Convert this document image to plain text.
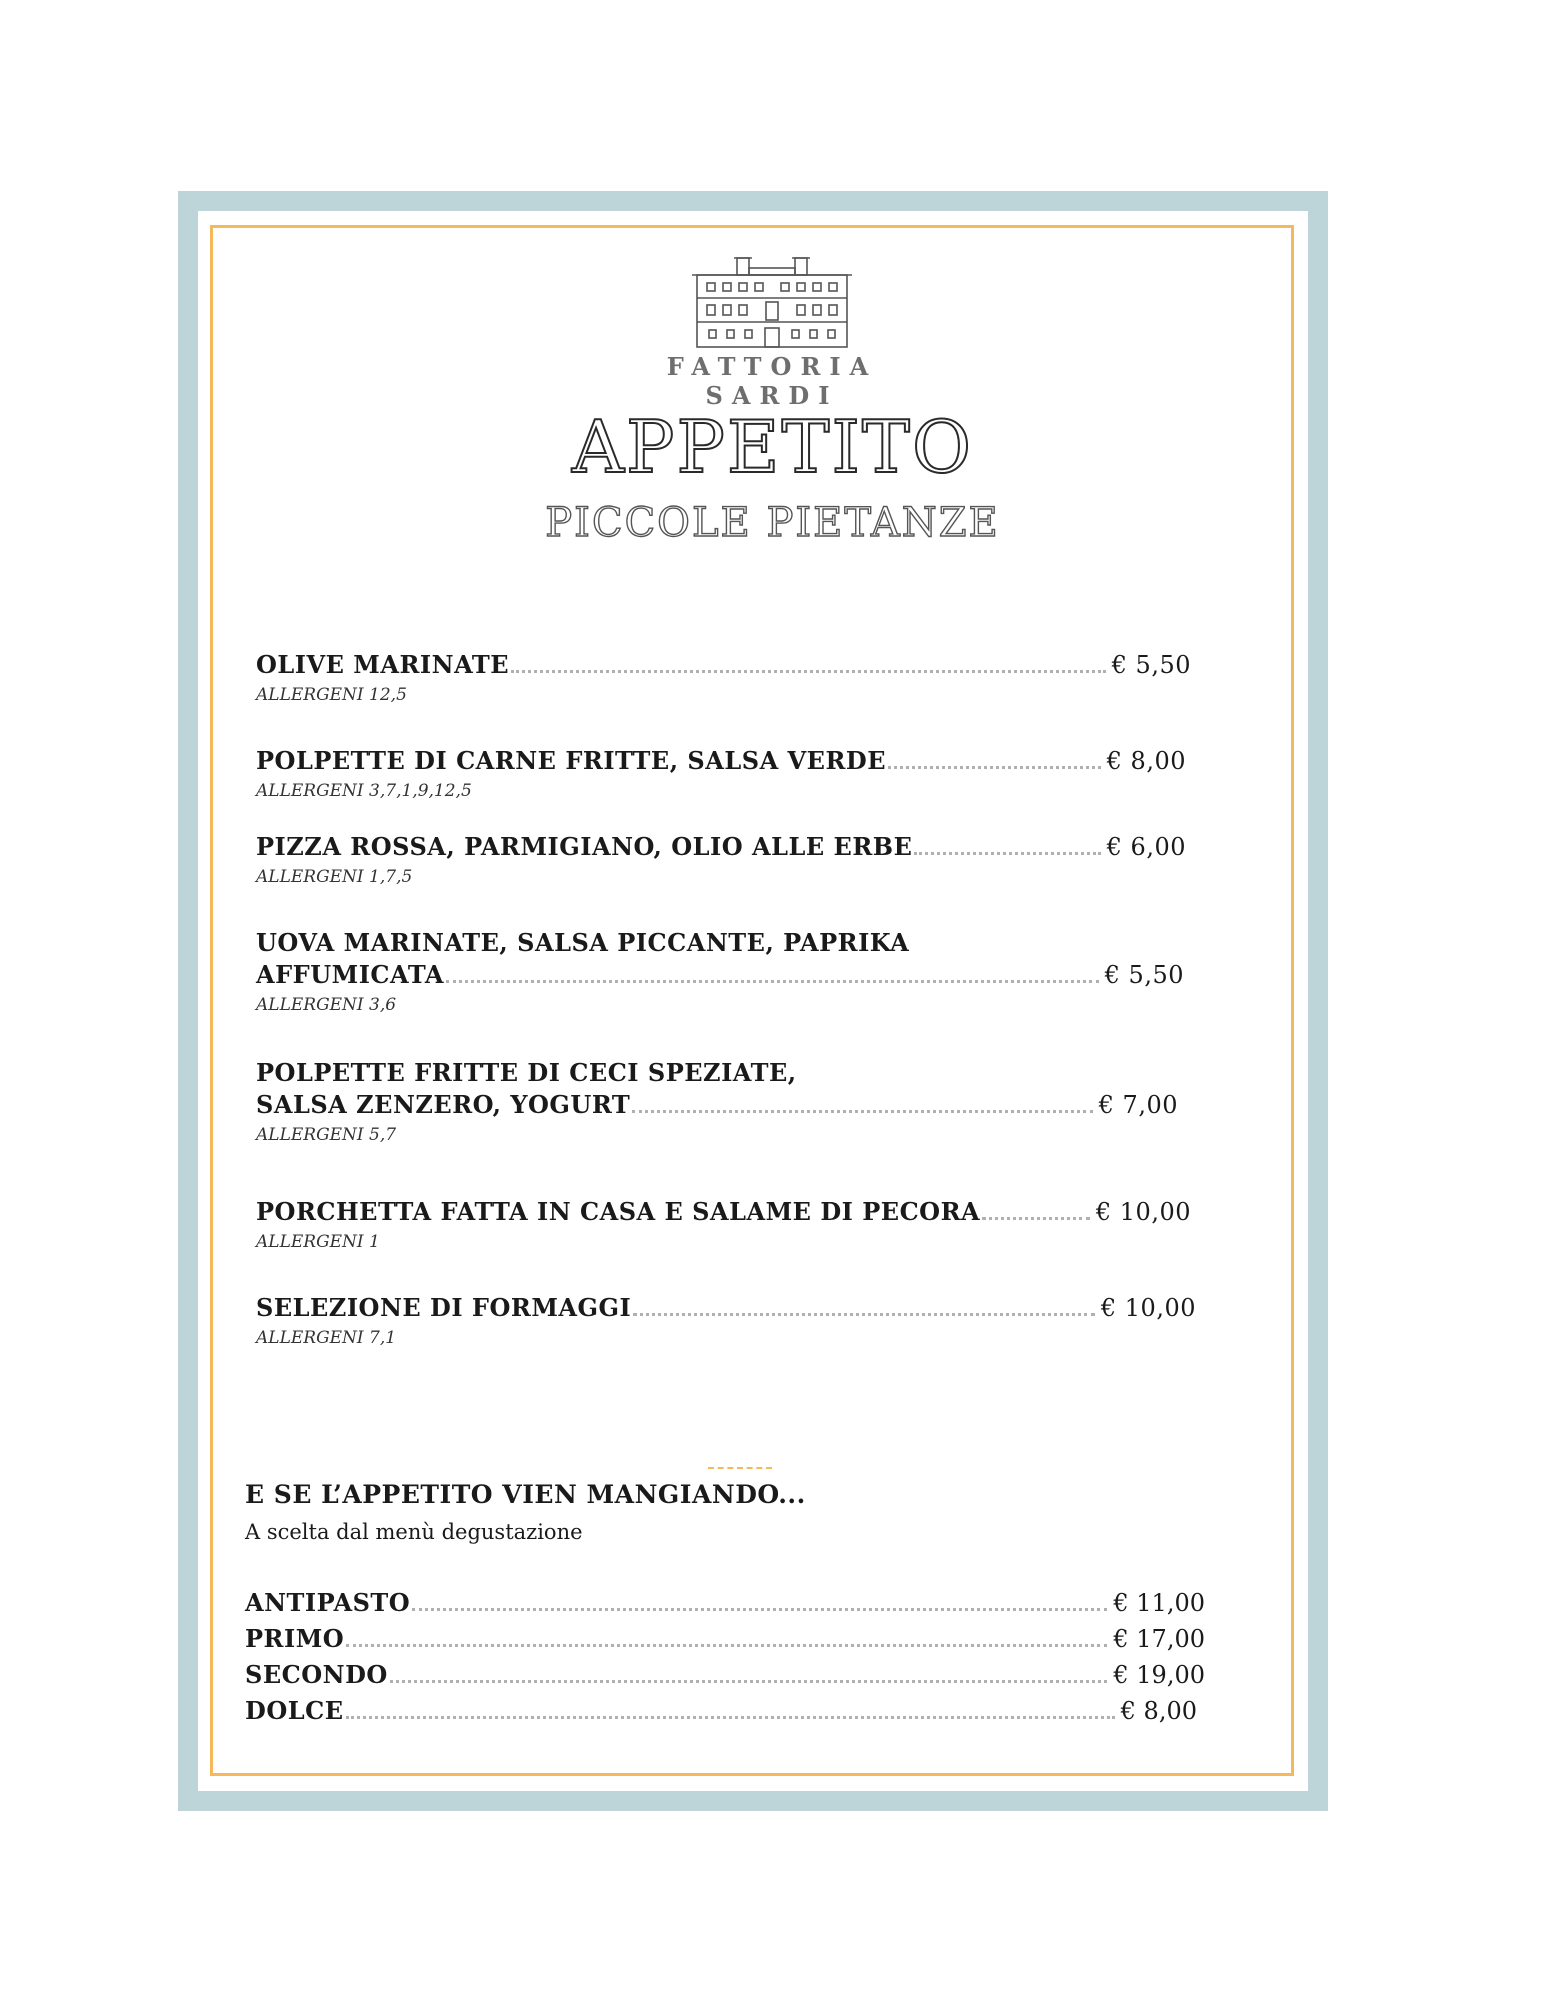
FATTORIA SARDI
APPETITO
PICCOLE PIETANZE
OLIVE MARINATE	€ 5,50
ALLERGENI 12,5
POLPETTE DI CARNE FRITTE, SALSA VERDE	€ 8,00
ALLERGENI 3,7,1,9,12,5
PIZZA ROSSA, PARMIGIANO, OLIO ALLE ERBE	€ 6,00
ALLERGENI 1,7,5
UOVA MARINATE, SALSA PICCANTE, PAPRIKA
AFFUMICATA	€ 5,50
ALLERGENI 3,6
POLPETTE FRITTE DI CECI SPEZIATE,
SALSA ZENZERO, YOGURT	€ 7,00
ALLERGENI 5,7
PORCHETTA FATTA IN CASA E SALAME DI PECORA	€ 10,00
ALLERGENI 1
SELEZIONE DI FORMAGGI	€ 10,00
ALLERGENI 7,1
E SE L’APPETITO VIEN MANGIANDO...
A scelta dal menù degustazione
ANTIPASTO	€ 11,00
PRIMO	€ 17,00
SECONDO	€ 19,00
DOLCE	€ 8,00
